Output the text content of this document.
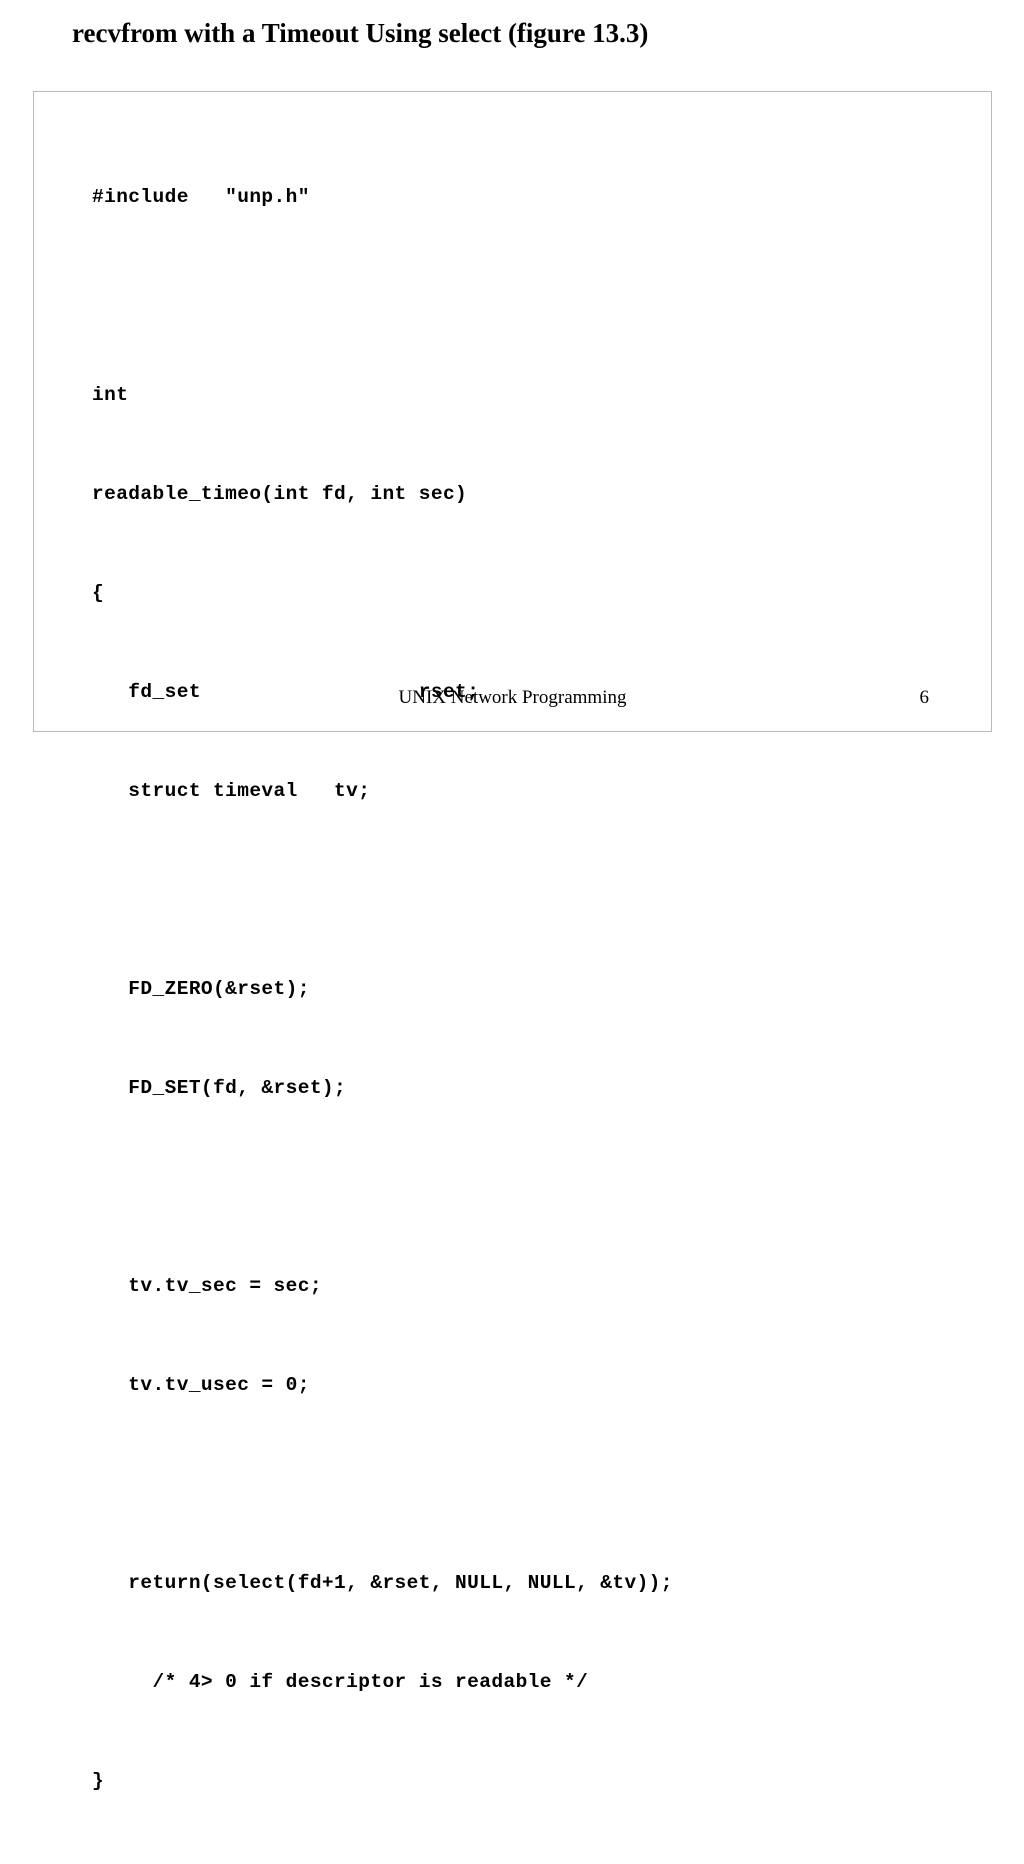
recvfrom with a Timeout Using select (figure 13.3)

#include   "unp.h"

int

readable_timeo(int fd, int sec)

{

fd_set                  rset;

struct timeval   tv;

FD_ZERO(&rset);

FD_SET(fd, &rset);

tv.tv_sec = sec;

tv.tv_usec = 0;

return(select(fd+1, &rset, NULL, NULL, &tv));

/* 4> 0 if descriptor is readable */

}

UNIX Network Programming	6
